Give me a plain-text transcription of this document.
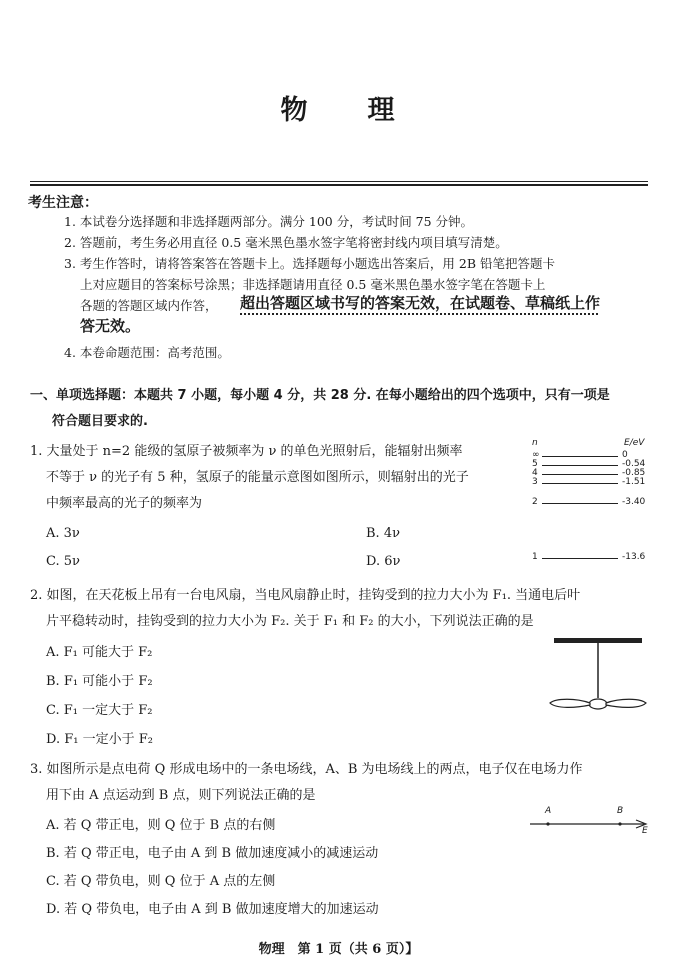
物　　理
考生注意：
1. 本试卷分选择题和非选择题两部分。满分 100 分，考试时间 75 分钟。
2. 答题前，考生务必用直径 0.5 毫米黑色墨水签字笔将密封线内项目填写清楚。
3. 考生作答时，请将答案答在答题卡上。选择题每小题选出答案后，用 2B 铅笔把答题卡
上对应题目的答案标号涂黑；非选择题请用直径 0.5 毫米黑色墨水签字笔在答题卡上
各题的答题区域内作答， 超出答题区域书写的答案无效，在试题卷、草稿纸上作
答无效。
4. 本卷命题范围：高考范围。
一、单项选择题：本题共 7 小题，每小题 4 分，共 28 分. 在每小题给出的四个选项中，只有一项是
符合题目要求的.
1. 大量处于 n=2 能级的氢原子被频率为 ν 的单色光照射后，能辐射出频率
不等于 ν 的光子有 5 种，氢原子的能量示意图如图所示，则辐射出的光子
中频率最高的光子的频率为
A. 3ν	B. 4ν
C. 5ν	D. 6ν
n	E/eV
∞	0
5	-0.54
4	-0.85
3	-1.51
2	-3.40
1	-13.6
2. 如图，在天花板上吊有一台电风扇，当电风扇静止时，挂钩受到的拉力大小为 F₁. 当通电后叶
片平稳转动时，挂钩受到的拉力大小为 F₂. 关于 F₁ 和 F₂ 的大小，下列说法正确的是
A. F₁ 可能大于 F₂
B. F₁ 可能小于 F₂
C. F₁ 一定大于 F₂
D. F₁ 一定小于 F₂
3. 如图所示是点电荷 Q 形成电场中的一条电场线，A、B 为电场线上的两点，电子仅在电场力作
用下由 A 点运动到 B 点，则下列说法正确的是
A. 若 Q 带正电，则 Q 位于 B 点的右侧
B. 若 Q 带正电，电子由 A 到 B 做加速度减小的减速运动
C. 若 Q 带负电，则 Q 位于 A 点的左侧
D. 若 Q 带负电，电子由 A 到 B 做加速度增大的加速运动
A	B
E
物理　第 1 页（共 6 页）】
